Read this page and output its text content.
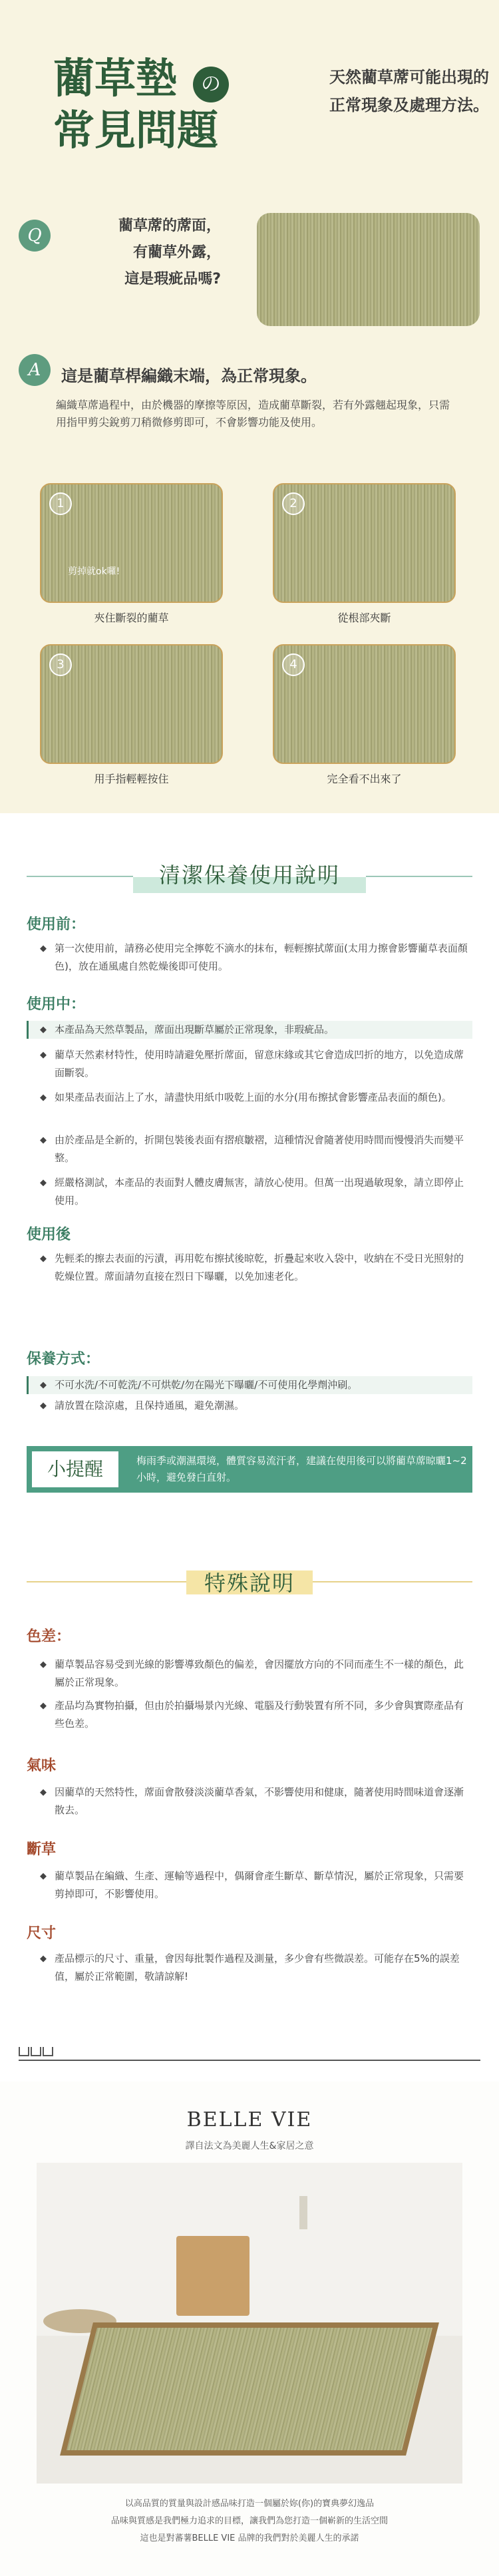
藺草墊	の
常見問題
天然藺草蓆可能出現的
正常現象及處理方法。
Q	藺草蓆的蓆面，
有藺草外露，
這是瑕疵品嗎?
A	這是藺草桿編織末端，為正常現象。
編織草蓆過程中，由於機器的摩擦等原因，造成藺草斷裂，若有外露翹起現象，只需用指甲剪尖銳剪刀稍微修剪即可，不會影響功能及使用。
1
剪掉就ok囉!
夾住斷裂的藺草
2
從根部夾斷
3
用手指輕輕按住
4
完全看不出來了
清潔保養使用說明
使用前：
◆ 第一次使用前，請務必使用完全擰乾不滴水的抹布，輕輕擦拭蓆面(太用力擦會影響藺草表面顏色)，放在通風處自然乾燥後即可使用。
使用中：
◆ 本產品為天然草製品，蓆面出現斷草屬於正常現象，非瑕疵品。
◆ 藺草天然素材特性，使用時請避免壓折蓆面，留意床緣或其它會造成凹折的地方，以免造成蓆面斷裂。
◆ 如果產品表面沾上了水，請盡快用紙巾吸乾上面的水分(用布擦拭會影響產品表面的顏色)。
◆ 由於產品是全新的，折開包裝後表面有摺痕皺褶，這種情況會隨著使用時間而慢慢消失而變平整。
◆ 經嚴格測試，本產品的表面對人體皮膚無害，請放心使用。但萬一出現過敏現象，請立即停止使用。
使用後
◆ 先輕柔的擦去表面的污漬，再用乾布擦拭後晾乾，折疊起來收入袋中，收納在不受日光照射的乾燥位置。蓆面請勿直接在烈日下曝曬，以免加速老化。
保養方式：
◆ 不可水洗/不可乾洗/不可烘乾/勿在陽光下曝曬/不可使用化學劑沖刷。
◆ 請放置在陰涼處，且保持通風，避免潮濕。
小提醒	梅雨季或潮濕環境，體質容易流汗者，建議在使用後可以將藺草蓆晾曬1~2小時，避免發白直射。
特殊說明
色差：
◆ 藺草製品容易受到光線的影響導致顏色的偏差，會因擺放方向的不同而產生不一樣的顏色，此屬於正常現象。
◆ 產品均為實物拍攝，但由於拍攝場景內光線、電腦及行動裝置有所不同，多少會與實際產品有些色差。
氣味
◆ 因藺草的天然特性，蓆面會散發淡淡藺草香氣，不影響使用和健康，隨著使用時間味道會逐漸散去。
斷草
◆ 藺草製品在編織、生產、運輸等過程中，偶爾會產生斷草、斷草情況，屬於正常現象，只需要剪掉即可，不影響使用。
尺寸
◆ 產品標示的尺寸、重量，會因每批製作過程及測量，多少會有些微誤差。可能存在5%的誤差值，屬於正常範圍，敬請諒解!
BELLE VIE
譯自法文為美麗人生&家居之意
以高品質的質量與設計感品味打造一個屬於妳(你)的寶典夢幻逸品
品味與質感是我們極力追求的目標，讓我們為您打造一個嶄新的生活空間
這也是對蕃薯BELLE VIE 品牌的我們對於美麗人生的承諾
